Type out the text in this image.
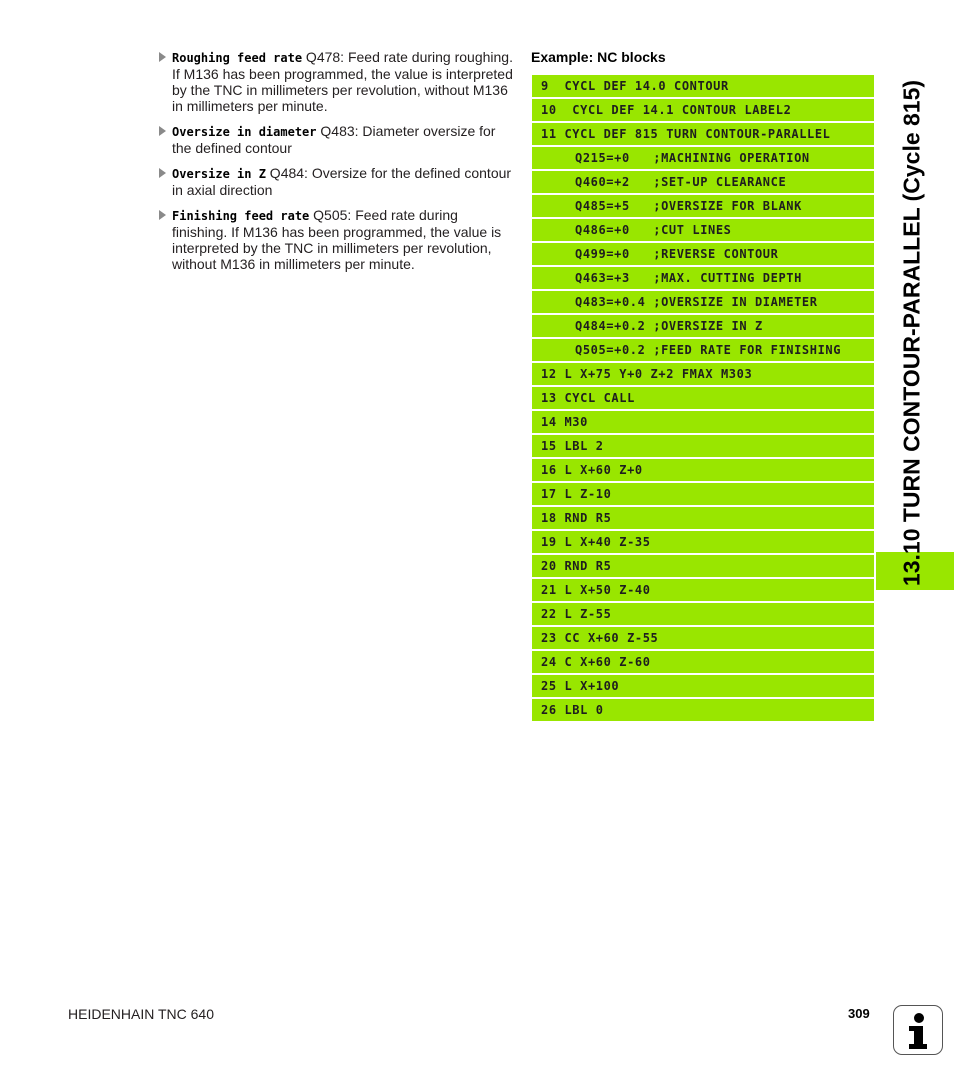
Roughing feed rate Q478: Feed rate during roughing. If M136 has been programmed, the value is interpreted by the TNC in millimeters per revolution, without M136 in millimeters per minute.
Oversize in diameter Q483: Diameter oversize for the defined contour
Oversize in Z Q484: Oversize for the defined contour in axial direction
Finishing feed rate Q505: Feed rate during finishing. If M136 has been programmed, the value is interpreted by the TNC in millimeters per revolution, without M136 in millimeters per minute.
Example: NC blocks
9  CYCL DEF 14.0 CONTOUR
10  CYCL DEF 14.1 CONTOUR LABEL2
11 CYCL DEF 815 TURN CONTOUR-PARALLEL
Q215=+0   ;MACHINING OPERATION
Q460=+2   ;SET-UP CLEARANCE
Q485=+5   ;OVERSIZE FOR BLANK
Q486=+0   ;CUT LINES
Q499=+0   ;REVERSE CONTOUR
Q463=+3   ;MAX. CUTTING DEPTH
Q483=+0.4 ;OVERSIZE IN DIAMETER
Q484=+0.2 ;OVERSIZE IN Z
Q505=+0.2 ;FEED RATE FOR FINISHING
12 L X+75 Y+0 Z+2 FMAX M303
13 CYCL CALL
14 M30
15 LBL 2
16 L X+60 Z+0
17 L Z-10
18 RND R5
19 L X+40 Z-35
20 RND R5
21 L X+50 Z-40
22 L Z-55
23 CC X+60 Z-55
24 C X+60 Z-60
25 L X+100
26 LBL 0
13.10 TURN CONTOUR-PARALLEL (Cycle 815)
HEIDENHAIN TNC 640	309
